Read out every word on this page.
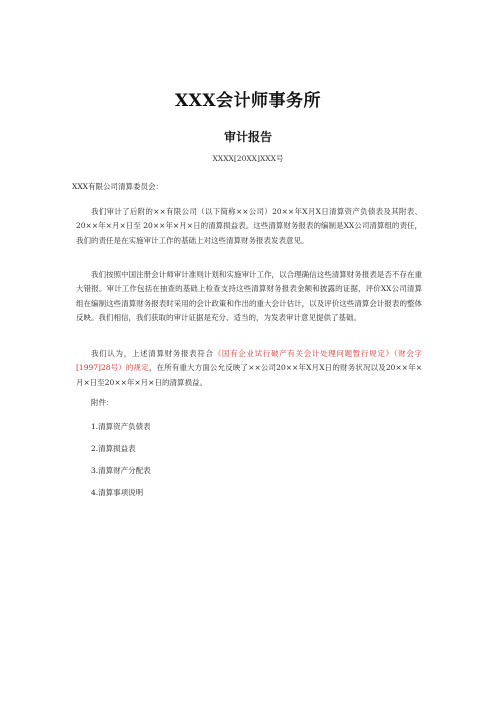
XXX会计师事务所
审计报告
XXXX[20XX]XXX号
XXX有限公司清算委员会：
我们审计了后附的××有限公司（以下简称××公司）20××年X月X日清算资产负债表及其附表、20××年×月×日至 20××年×月×日的清算损益表。这些清算财务报表的编制是XX公司清算组的责任，我们的责任是在实施审计工作的基础上对这些清算财务报表发表意见。
我们按照中国注册会计师审计准则计划和实施审计工作，以合理确信这些清算财务报表是否不存在重大错报。审计工作包括在抽查的基础上检查支持这些清算财务报表金额和披露的证据，评价XX公司清算组在编制这些清算财务报表时采用的会计政策和作出的重大会计估计，以及评价这些清算会计报表的整体反映。我们相信，我们获取的审计证据是充分、适当的，为发表审计意见提供了基础。
我们认为，上述清算财务报表符合《国有企业试行破产有关会计处理问题暂行规定》（财会字[1997]28号）的规定，在所有重大方面公允反映了××公司20××年X月X日的财务状况以及20××年×月×日至20××年×月×日的清算损益。
附件：
1.清算资产负债表
2.清算损益表
3.清算财产分配表
4.清算事项说明
